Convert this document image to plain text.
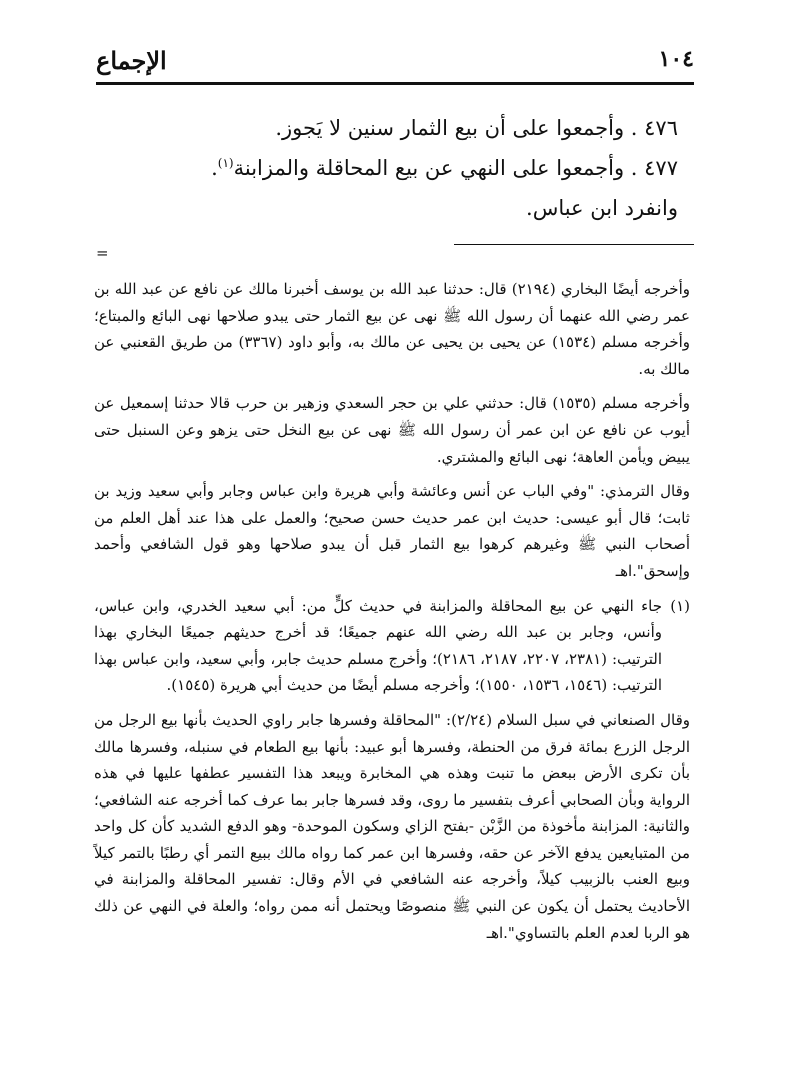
الإجماع	١٠٤

٤٧٦ . وأجمعوا على أن بيع الثمار سنين لا يَجوز.

٤٧٧ . وأجمعوا على النهي عن بيع المحاقلة والمزابنة$^{(١)}$.

وانفرد ابن عباس.

=

وأخرجه أيضًا البخاري (٢١٩٤) قال: حدثنا عبد الله بن يوسف أخبرنا مالك عن نافع عن عبد الله بن عمر رضي الله عنهما أن رسول الله ﷺ نهى عن بيع الثمار حتى يبدو صلاحها نهى البائع والمبتاع؛ وأخرجه مسلم (١٥٣٤) عن يحيى بن يحيى عن مالك به، وأبو داود (٣٣٦٧) من طريق القعنبي عن مالك به.

وأخرجه مسلم (١٥٣٥) قال: حدثني علي بن حجر السعدي وزهير بن حرب قالا حدثنا إسمعيل عن أيوب عن نافع عن ابن عمر أن رسول الله ﷺ نهى عن بيع النخل حتى يزهو وعن السنبل حتى يبيض ويأمن العاهة؛ نهى البائع والمشتري.

وقال الترمذي: "وفي الباب عن أنس وعائشة وأبي هريرة وابن عباس وجابر وأبي سعيد وزيد بن ثابت؛ قال أبو عيسى: حديث ابن عمر حديث حسن صحيح؛ والعمل على هذا عند أهل العلم من أصحاب النبي ﷺ وغيرهم كرهوا بيع الثمار قبل أن يبدو صلاحها وهو قول الشافعي وأحمد وإسحق".اهـ

(١)
جاء النهي عن بيع المحاقلة والمزابنة في حديث كلٍّ من: أبي سعيد الخدري، وابن عباس، وأنس، وجابر بن عبد الله رضي الله عنهم جميعًا؛ قد أخرج حديثهم جميعًا البخاري بهذا الترتيب: (٢٣٨١، ٢٢٠٧، ٢١٨٧، ٢١٨٦)؛ وأخرج مسلم حديث جابر، وأبي سعيد، وابن عباس بهذا الترتيب: (١٥٤٦، ١٥٣٦، ١٥٥٠)؛ وأخرجه مسلم أيضًا من حديث أبي هريرة (١٥٤٥).

وقال الصنعاني في سبل السلام (٢/٢٤): "المحاقلة وفسرها جابر راوي الحديث بأنها بيع الرجل من الرجل الزرع بمائة فرق من الحنطة، وفسرها أبو عبيد: بأنها بيع الطعام في سنبله، وفسرها مالك بأن تكرى الأرض ببعض ما تنبت وهذه هي المخابرة ويبعد هذا التفسير عطفها عليها في هذه الرواية وبأن الصحابي أعرف بتفسير ما روى، وقد فسرها جابر بما عرف كما أخرجه عنه الشافعي؛ والثانية: المزابنة مأخوذة من الزَّبْن -بفتح الزاي وسكون الموحدة- وهو الدفع الشديد كأن كل واحد من المتبايعين يدفع الآخر عن حقه، وفسرها ابن عمر كما رواه مالك ببيع التمر أي رطبًا بالتمر كيلاً وبيع العنب بالزبيب كيلاً، وأخرجه عنه الشافعي في الأم وقال: تفسير المحاقلة والمزابنة في الأحاديث يحتمل أن يكون عن النبي ﷺ منصوصًا ويحتمل أنه ممن رواه؛ والعلة في النهي عن ذلك هو الربا لعدم العلم بالتساوي".اهـ
